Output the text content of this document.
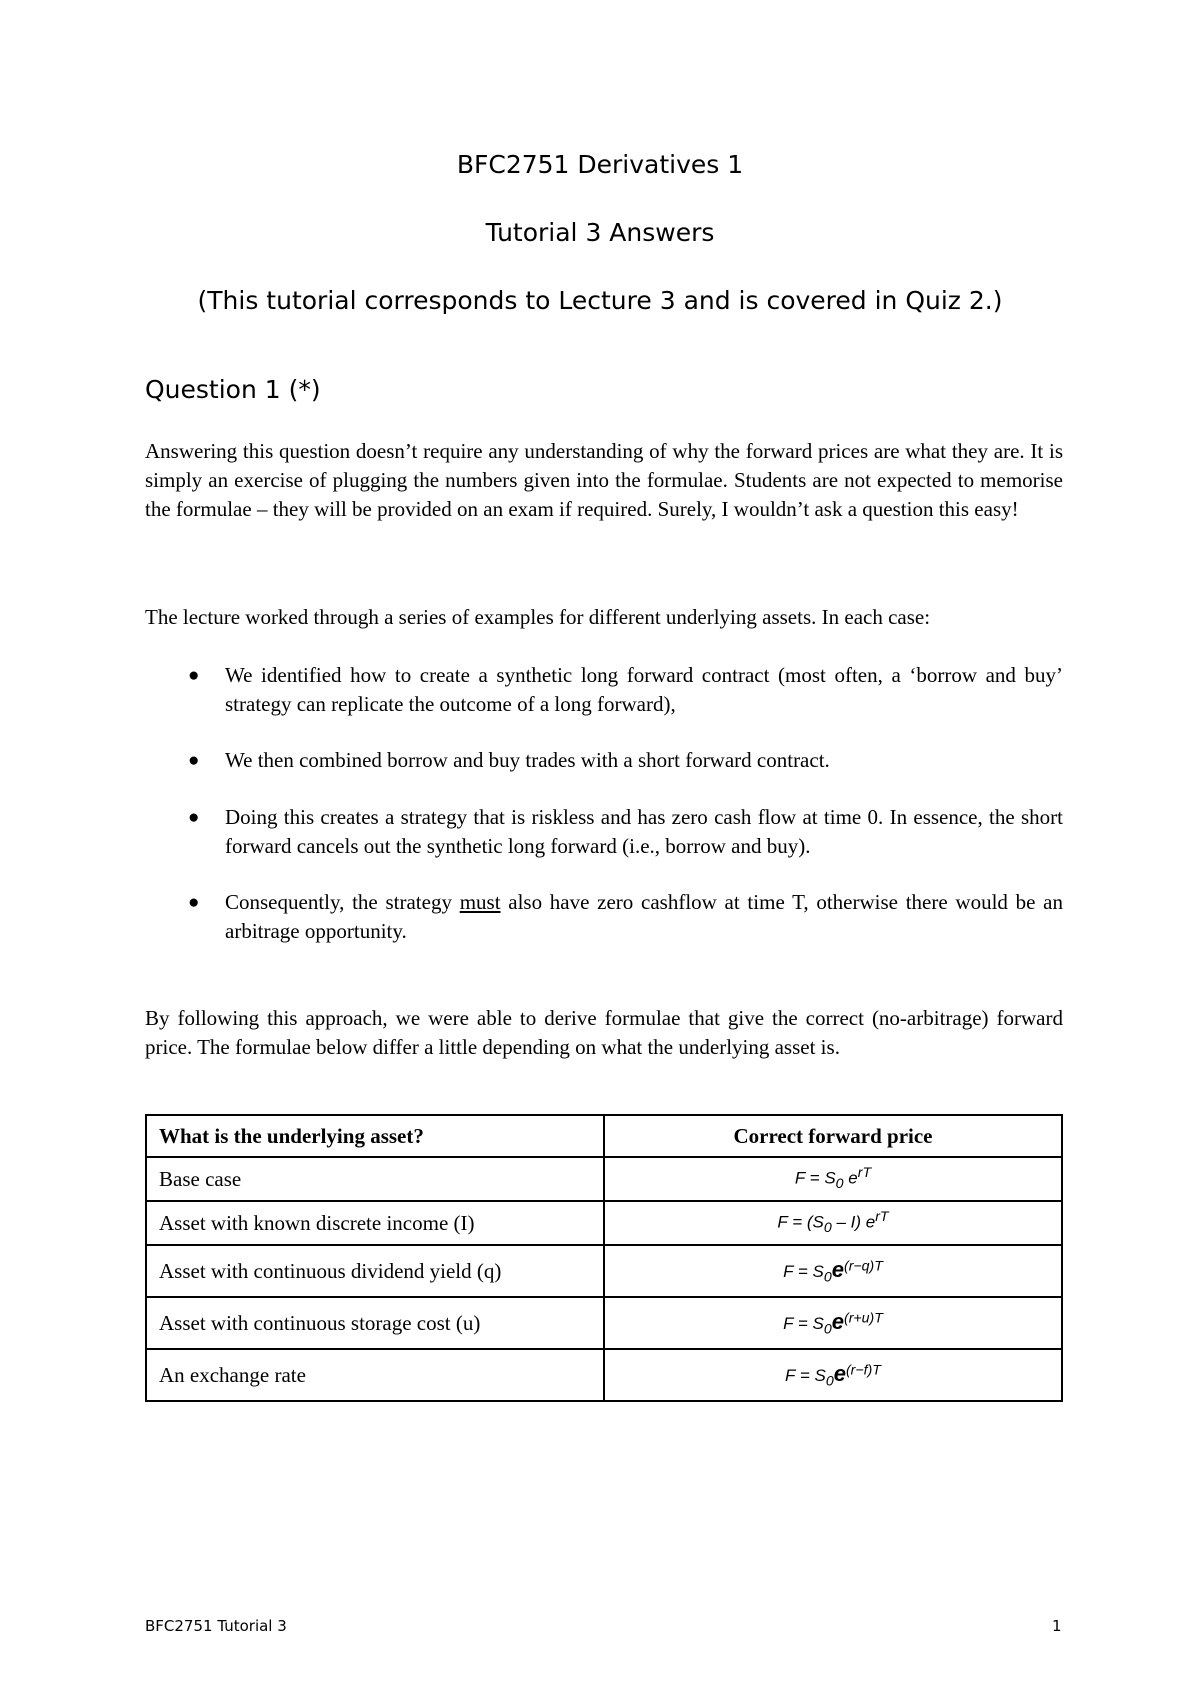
BFC2751 Derivatives 1
Tutorial 3 Answers
(This tutorial corresponds to Lecture 3 and is covered in Quiz 2.)
Question 1 (*)
Answering this question doesn’t require any understanding of why the forward prices are what they are. It is simply an exercise of plugging the numbers given into the formulae. Students are not expected to memorise the formulae – they will be provided on an exam if required. Surely, I wouldn’t ask a question this easy!
The lecture worked through a series of examples for different underlying assets. In each case:
● We identified how to create a synthetic long forward contract (most often, a ‘borrow and buy’ strategy can replicate the outcome of a long forward),
● We then combined borrow and buy trades with a short forward contract.
● Doing this creates a strategy that is riskless and has zero cash flow at time 0. In essence, the short forward cancels out the synthetic long forward (i.e., borrow and buy).
● Consequently, the strategy must also have zero cashflow at time T, otherwise there would be an arbitrage opportunity.
By following this approach, we were able to derive formulae that give the correct (no-arbitrage) forward price. The formulae below differ a little depending on what the underlying asset is.
What is the underlying asset?	Correct forward price
Base case	$F = S_0$ $e^{rT}$
Asset with known discrete income (I)	$F = (S_0 - I)$ $e^{rT}$
Asset with continuous dividend yield (q)	$F = S_0e^{(r-q)T}$
Asset with continuous storage cost (u)	$F = S_0e^{(r+u)T}$
An exchange rate	$F = S_0e^{(r-f)T}$
BFC2751 Tutorial 3	1
